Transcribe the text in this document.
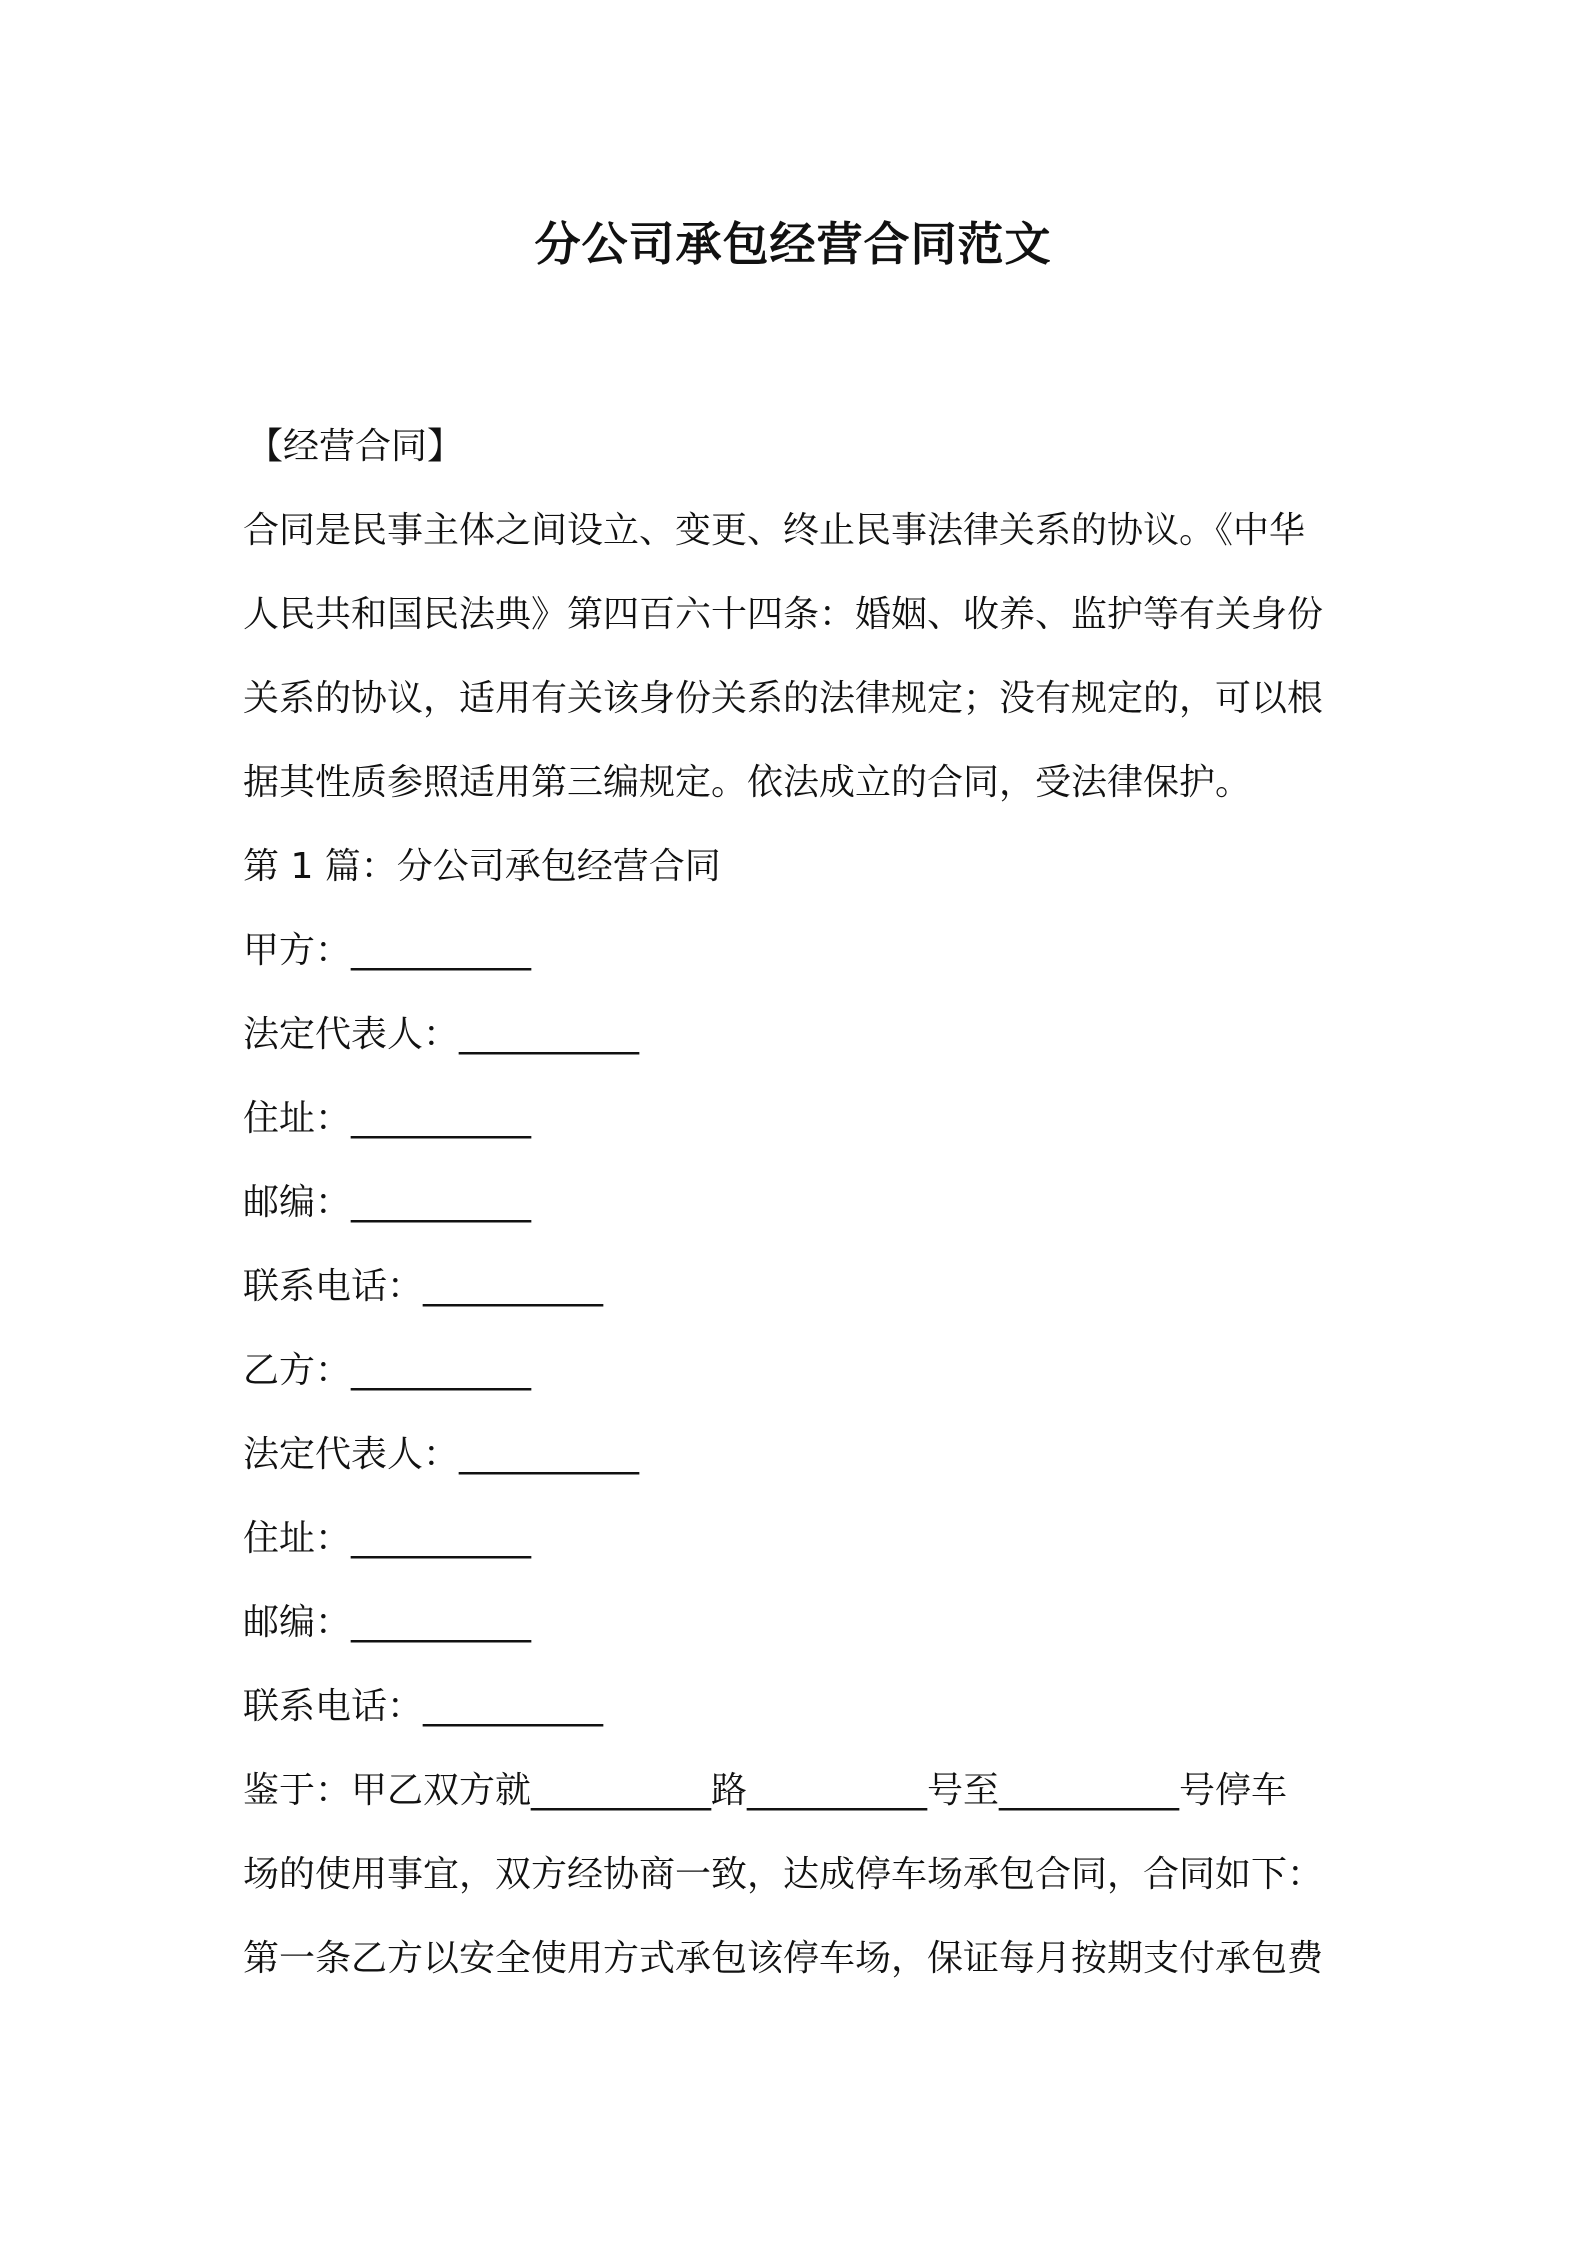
分公司承包经营合同范文
【经营合同】
合同是民事主体之间设立、变更、终止民事法律关系的协议。《中华
人民共和国民法典》第四百六十四条：婚姻、收养、监护等有关身份
关系的协议，适用有关该身份关系的法律规定；没有规定的，可以根
据其性质参照适用第三编规定。依法成立的合同，受法律保护。
第 1 篇：分公司承包经营合同
甲方：__________
法定代表人：__________
住址：__________
邮编：__________
联系电话：__________
乙方：__________
法定代表人：__________
住址：__________
邮编：__________
联系电话：__________
鉴于：甲乙双方就__________路__________号至__________号停车
场的使用事宜，双方经协商一致，达成停车场承包合同，合同如下：
第一条乙方以安全使用方式承包该停车场，保证每月按期支付承包费
